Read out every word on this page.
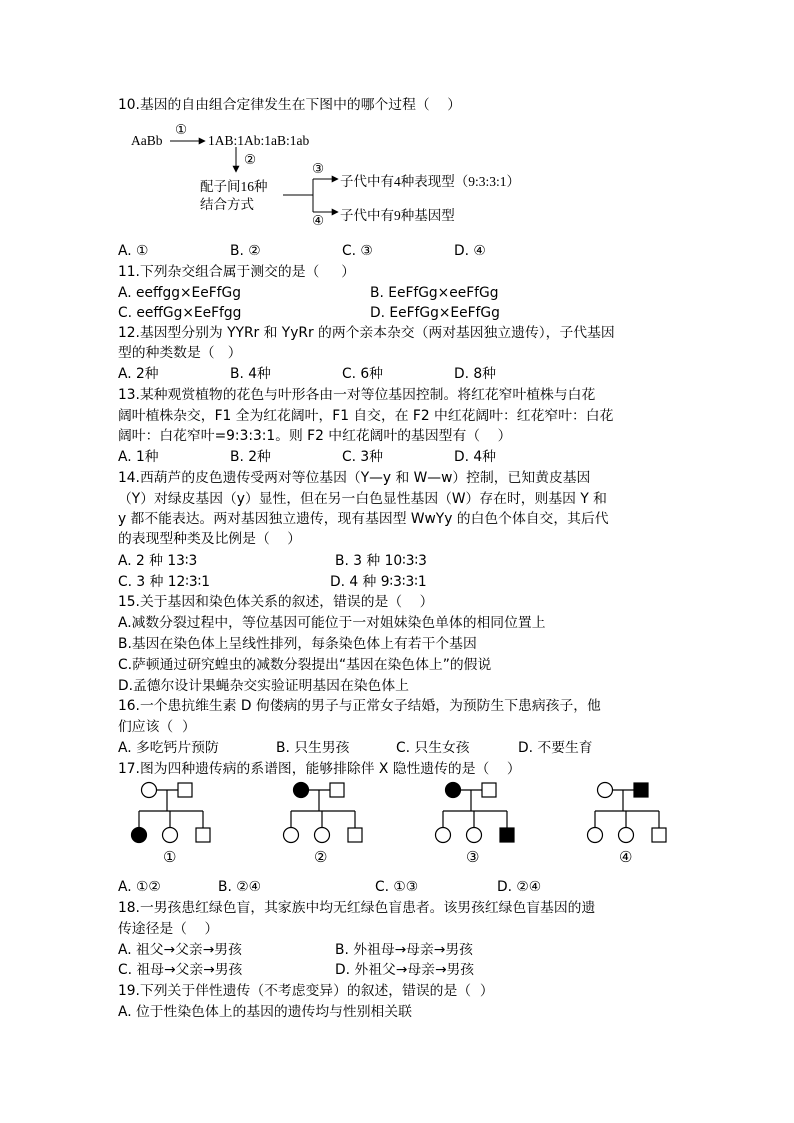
10.基因的自由组合定律发生在下图中的哪个过程（    ）
AaBb
①
1AB:1Ab:1aB:1ab
②
配子间16种
结合方式
③
子代中有4种表现型（9:3:3:1）
④ 子代中有9种基因型
A. ①	B. ②	C. ③	D. ④
11.下列杂交组合属于测交的是（     ）
A. eeffgg×EeFfGg	B. EeFfGg×eeFfGg
C. eeffGg×EeFfgg	D. EeFfGg×EeFfGg
12.基因型分别为 YYRr 和 YyRr 的两个亲本杂交（两对基因独立遗传），子代基因
型的种类数是（   ）
A. 2种	B. 4种	C. 6种	D. 8种
13.某种观赏植物的花色与叶形各由一对等位基因控制。将红花窄叶植株与白花
阔叶植株杂交，F1 全为红花阔叶，F1 自交，在 F2 中红花阔叶：红花窄叶：白花
阔叶：白花窄叶=9:3:3:1。则 F2 中红花阔叶的基因型有（    ）
A. 1种	B. 2种	C. 3种	D. 4种
14.西葫芦的皮色遗传受两对等位基因（Y—y 和 W—w）控制，已知黄皮基因
（Y）对绿皮基因（y）显性，但在另一白色显性基因（W）存在时，则基因 Y 和
y 都不能表达。两对基因独立遗传，现有基因型 WwYy 的白色个体自交，其后代
的表现型种类及比例是（    ）
A. 2 种 13∶3	B. 3 种 10∶3∶3
C. 3 种 12∶3∶1	D. 4 种 9∶3∶3∶1
15.关于基因和染色体关系的叙述，错误的是（    ）
A.减数分裂过程中，等位基因可能位于一对姐妹染色单体的相同位置上
B.基因在染色体上呈线性排列，每条染色体上有若干个基因
C.萨顿通过研究蝗虫的减数分裂提出“基因在染色体上”的假说
D.孟德尔设计果蝇杂交实验证明基因在染色体上
16.一个患抗维生素 D 佝偻病的男子与正常女子结婚，为预防生下患病孩子，他
们应该（  ）
A. 多吃钙片预防	B. 只生男孩	C. 只生女孩	D. 不要生育
17.图为四种遗传病的系谱图，能够排除伴 X 隐性遗传的是（    ）
①	②	③	④
A. ①②	B. ②④	C. ①③	D. ②④
18.一男孩患红绿色盲，其家族中均无红绿色盲患者。该男孩红绿色盲基因的遗
传途径是（    ）
A. 祖父→父亲→男孩	B. 外祖母→母亲→男孩
C. 祖母→父亲→男孩	D. 外祖父→母亲→男孩
19.下列关于伴性遗传（不考虑变异）的叙述，错误的是（  ）
A. 位于性染色体上的基因的遗传均与性别相关联
